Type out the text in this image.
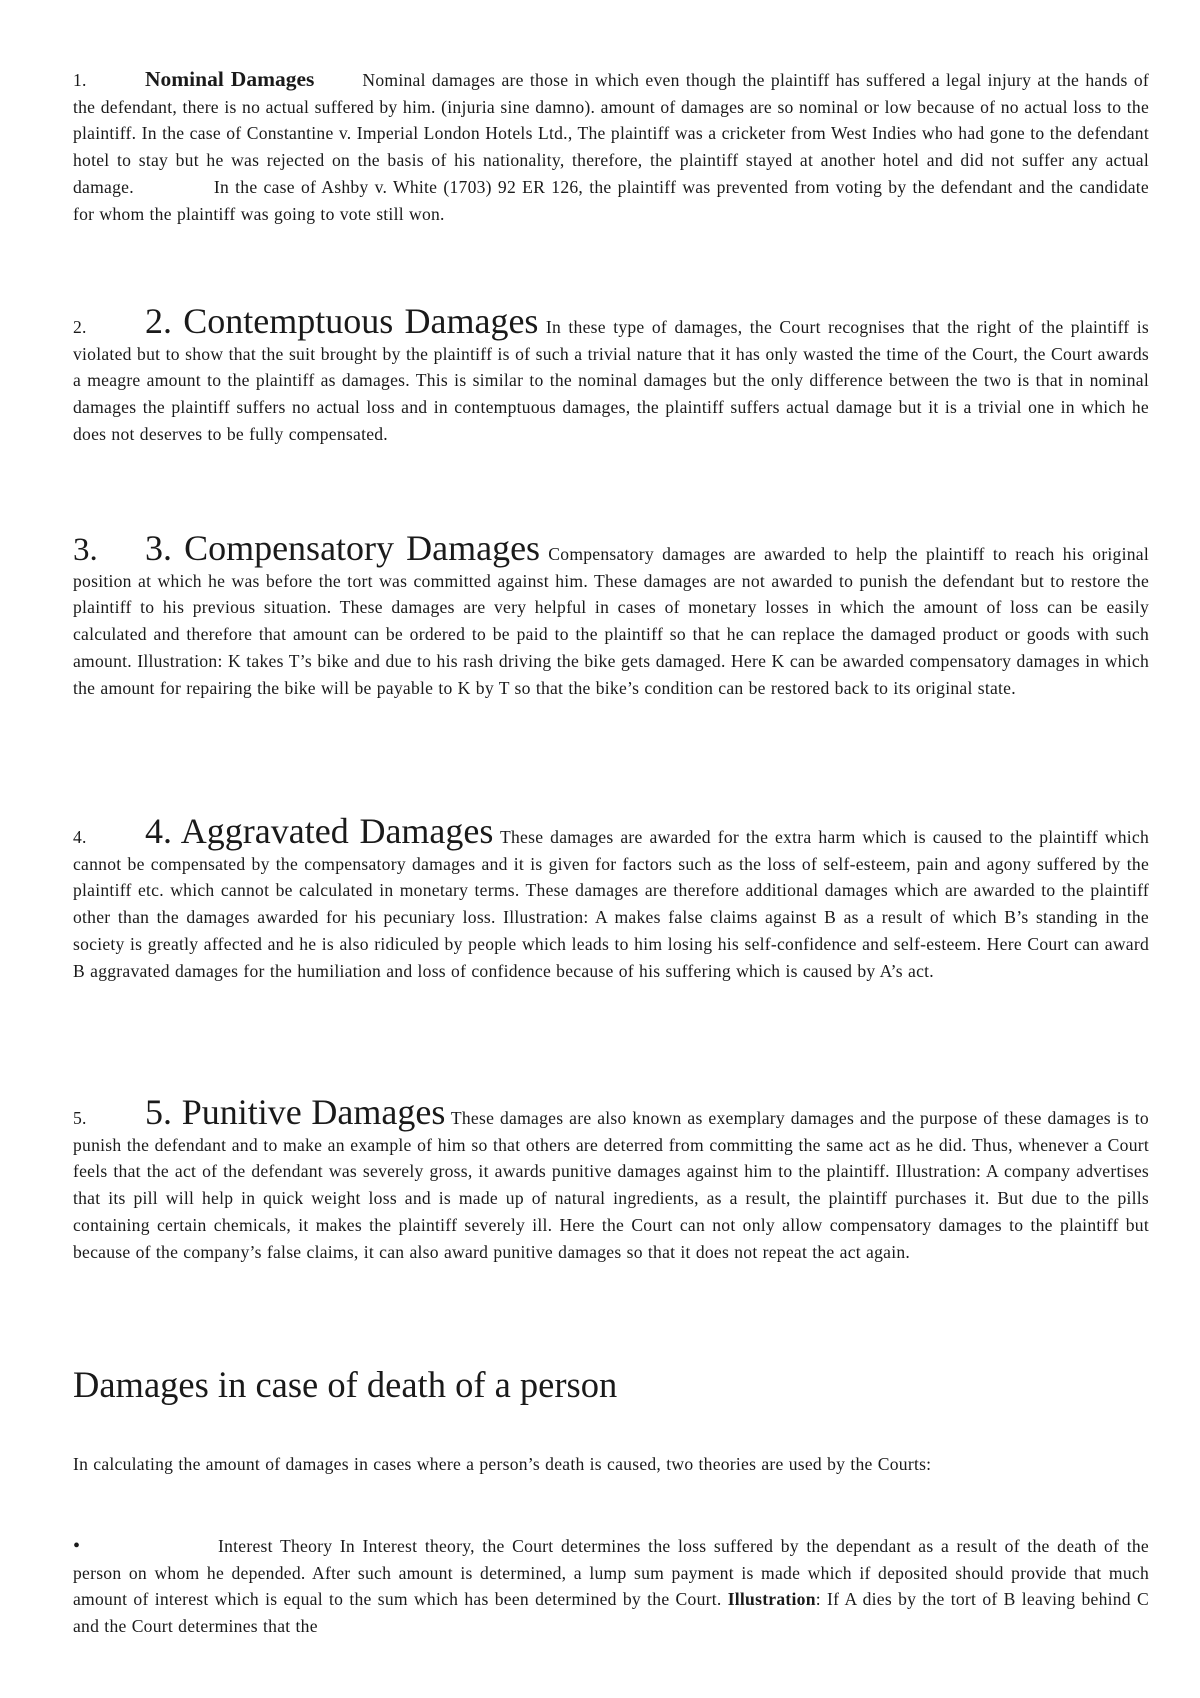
1.	Nominal Damages	Nominal damages are those in which even though the plaintiff has suffered a legal injury at the hands of the defendant, there is no actual suffered by him. (injuria sine damno). amount of damages are so nominal or low because of no actual loss to the plaintiff. In the case of Constantine v. Imperial London Hotels Ltd., The plaintiff was a cricketer from West Indies who had gone to the defendant hotel to stay but he was rejected on the basis of his nationality, therefore, the plaintiff stayed at another hotel and did not suffer any actual damage.	In the case of Ashby v. White (1703) 92 ER 126, the plaintiff was prevented from voting by the defendant and the candidate for whom the plaintiff was going to vote still won.

2. 2. Contemptuous Damages In these type of damages, the Court recognises that the right of the plaintiff is violated but to show that the suit brought by the plaintiff is of such a trivial nature that it has only wasted the time of the Court, the Court awards a meagre amount to the plaintiff as damages. This is similar to the nominal damages but the only difference between the two is that in nominal damages the plaintiff suffers no actual loss and in contemptuous damages, the plaintiff suffers actual damage but it is a trivial one in which he does not deserves to be fully compensated.

3. 3. Compensatory Damages Compensatory damages are awarded to help the plaintiff to reach his original position at which he was before the tort was committed against him. These damages are not awarded to punish the defendant but to restore the plaintiff to his previous situation. These damages are very helpful in cases of monetary losses in which the amount of loss can be easily calculated and therefore that amount can be ordered to be paid to the plaintiff so that he can replace the damaged product or goods with such amount. Illustration: K takes T’s bike and due to his rash driving the bike gets damaged. Here K can be awarded compensatory damages in which the amount for repairing the bike will be payable to K by T so that the bike’s condition can be restored back to its original state.

4. 4. Aggravated Damages These damages are awarded for the extra harm which is caused to the plaintiff which cannot be compensated by the compensatory damages and it is given for factors such as the loss of self-esteem, pain and agony suffered by the plaintiff etc. which cannot be calculated in monetary terms. These damages are therefore additional damages which are awarded to the plaintiff other than the damages awarded for his pecuniary loss. Illustration: A makes false claims against B as a result of which B’s standing in the society is greatly affected and he is also ridiculed by people which leads to him losing his self-confidence and self-esteem. Here Court can award B aggravated damages for the humiliation and loss of confidence because of his suffering which is caused by A’s act.

5. 5. Punitive Damages These damages are also known as exemplary damages and the purpose of these damages is to punish the defendant and to make an example of him so that others are deterred from committing the same act as he did. Thus, whenever a Court feels that the act of the defendant was severely gross, it awards punitive damages against him to the plaintiff. Illustration: A company advertises that its pill will help in quick weight loss and is made up of natural ingredients, as a result, the plaintiff purchases it. But due to the pills containing certain chemicals, it makes the plaintiff severely ill. Here the Court can not only allow compensatory damages to the plaintiff but because of the company’s false claims, it can also award punitive damages so that it does not repeat the act again.

Damages in case of death of a person

In calculating the amount of damages in cases where a person’s death is caused, two theories are used by the Courts:

•	Interest Theory In Interest theory, the Court determines the loss suffered by the dependant as a result of the death of the person on whom he depended. After such amount is determined, a lump sum payment is made which if deposited should provide that much amount of interest which is equal to the sum which has been determined by the Court. Illustration: If A dies by the tort of B leaving behind C and the Court determines that the
